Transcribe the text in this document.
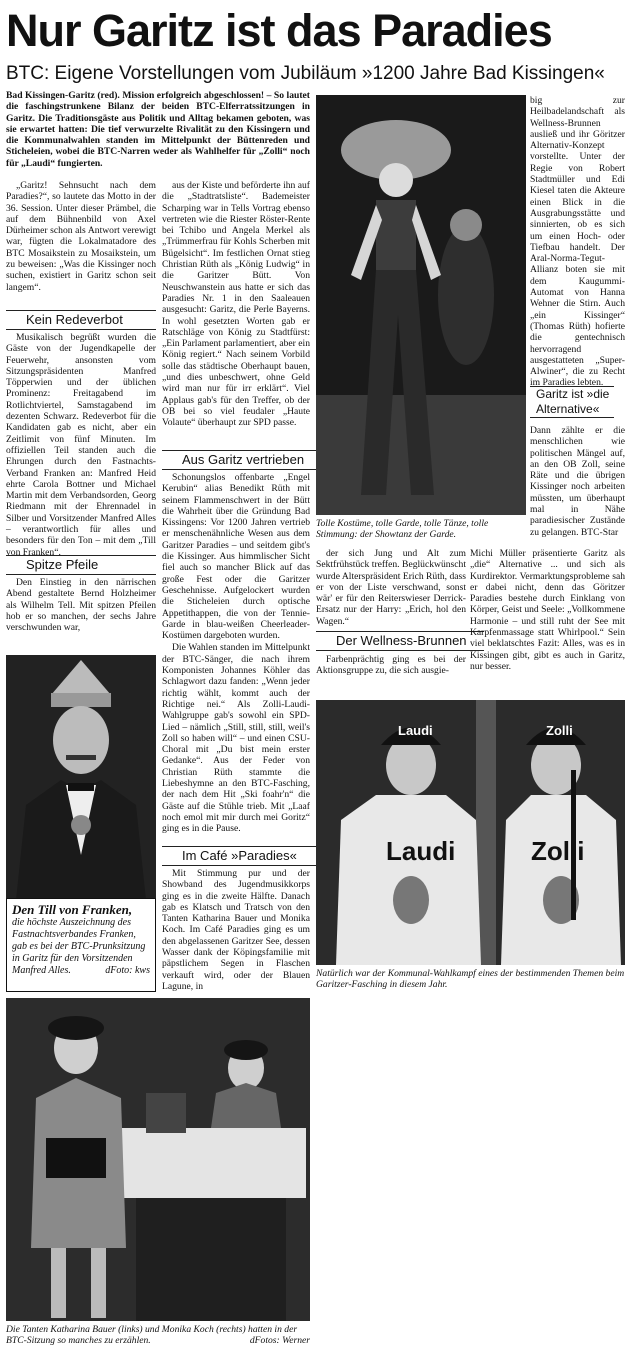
Nur Garitz ist das Paradies
BTC: Eigene Vorstellungen vom Jubiläum »1200 Jahre Bad Kissingen«
Bad Kissingen-Garitz (red). Mission erfolgreich abgeschlossen! – So lautet die faschingstrunkene Bilanz der beiden BTC-Elferratssitzungen in Garitz. Die Traditionsgäste aus Politik und Alltag bekamen geboten, was sie erwartet hatten: Die tief verwurzelte Rivalität zu den Kissingern und die Kommunalwahlen standen im Mittelpunkt der Büttenreden und Sticheleien, wobei die BTC-Narren weder als Wahlhelfer für „Zolli“ noch für „Laudi“ fungierten.

„Garitz! Sehnsucht nach dem Paradies?“, so lautete das Motto in der 36. Session. Unter dieser Prämbel, die auf dem Bühnenbild von Axel Dürheimer schon als Antwort verewigt war, fügten die Lokalmatadore des BTC Mosaikstein zu Mosaikstein, um zu beweisen: „Was die Kissinger noch suchen, existiert in Garitz schon seit langem“.

Kein Redeverbot

Musikalisch begrüßt wurden die Gäste von der Jugendkapelle der Feuerwehr, ansonsten vom Sitzungspräsidenten Manfred Töpperwien und der üblichen Prominenz: Freitagabend im Rotlichtviertel, Samstagabend im dezenten Schwarz. Redeverbot für die Kandidaten gab es nicht, aber ein Zeitlimit von fünf Minuten. Im offiziellen Teil standen auch die Ehrungen durch den Fastnachts-Verband Franken an: Manfred Heid ehrte Carola Bottner und Michael Martin mit dem Verbandsorden, Georg Riedmann mit der Ehrennadel in Silber und Vorsitzender Manfred Alles – verantwortlich für alles und besonders für den Ton – mit dem „Till von Franken“.

Spitze Pfeile

Den Einstieg in den närrischen Abend gestaltete Bernd Holzheimer als Wilhelm Tell. Mit spitzen Pfeilen hob er so manchen, der sechs Jahre verschwunden war,

aus der Kiste und beförderte ihn auf die „Stadtratsliste“. Bademeister Scharping war in Tells Vortrag ebenso vertreten wie die Riester Röster-Rente bei Tchibo und Angela Merkel als „Trümmerfrau für Kohls Scherben mit Bügelsicht“. Im festlichen Ornat stieg Christian Rüth als „König Ludwig“ in die Garitzer Bütt. Von Neuschwanstein aus hatte er sich das Paradies Nr. 1 in den Saaleauen ausgesucht: Garitz, die Perle Bayerns. In wohl gesetzten Worten gab er Ratschläge von König zu Stadtfürst: „Ein Parlament parlamentiert, aber ein König regiert.“ Nach seinem Vorbild solle das städtische Oberhaupt bauen, „und dies unbeschwert, ohne Geld wird man nur für irr erklärt“. Viel Applaus gab's für den Treffer, ob der OB bei so viel feudaler „Haute Volaute“ überhaupt zur SPD passe.

Aus Garitz vertrieben

Schonungslos offenbarte „Engel Kerubin“ alias Benedikt Rüth mit seinem Flammenschwert in der Bütt die Wahrheit über die Gründung Bad Kissingens: Vor 1200 Jahren vertrieb er menschenähnliche Wesen aus dem Garitzer Paradies – und seitdem gibt's die Kissinger. Aus himmlischer Sicht fiel auch so mancher Blick auf das große Fest oder die Garitzer Geschehnisse. Aufgelockert wurden die Sticheleien durch optische Appetithappen, die von der Tennie-Garde in blau-weißen Cheerleader-Kostümen dargeboten wurden.

Die Wahlen standen im Mittelpunkt der BTC-Sänger, die nach ihrem Komponisten Johannes Köhler das Schlagwort dazu fanden: „Wenn jeder richtig wählt, kommt auch der Richtige nei.“ Als Zolli-Laudi-Wahlgruppe gab's sowohl ein SPD-Lied – nämlich „Still, still, still, weil's Zoll so haben will“ – und einen CSU-Choral mit „Du bist mein erster Gedanke“. Aus der Feder von Christian Rüth stammte die Liebeshymne an den BTC-Fasching, der nach dem Hit „Ski foahr'n“ die Gäste auf die Stühle trieb. Mit „Laaf noch emol mit mir durch mei Goritz“ ging es in die Pause.

Im Café »Paradies«

Mit Stimmung pur und der Showband des Jugendmusikkorps ging es in die zweite Hälfte. Danach gab es Klatsch und Tratsch von den Tanten Katharina Bauer und Monika Koch. Im Café Paradies ging es um den abgelassenen Garitzer See, dessen Wasser dank der Köpingsfamilie mit päpstlichem Segen in Flaschen verkauft wird, oder der Blauen Lagune, in

Tolle Kostüme, tolle Garde, tolle Tänze, tolle Stimmung: der Showtanz der Garde.

der sich Jung und Alt zum Sektfrühstück treffen. Beglückwünscht wurde Alterspräsident Erich Rüth, dass er von der Liste verschwand, sonst wär' er für den Reiterswieser Derrick-Ersatz nur der Harry: „Erich, hol den Wagen.“

Der Wellness-Brunnen

Farbenprächtig ging es bei der Aktionsgruppe zu, die sich ausgie-

Michi Müller präsentierte Garitz als „die“ Alternative ... und sich als Kurdirektor. Vermarktungsprobleme sah er dabei nicht, denn das Göritzer Paradies bestehe durch Einklang von Körper, Geist und Seele: „Vollkommene Harmonie – und still ruht der See mit Karpfenmassage statt Whirlpool.“ Sein viel beklatschtes Fazit: Alles, was es in Kissingen gibt, gibt es auch in Garitz, nur besser.

big zur Heilbadelandschaft als Wellness-Brunnen ausließ und ihr Göritzer Alternativ-Konzept vorstellte. Unter der Regie von Robert Stadtmüller und Edi Kiesel taten die Akteure einen Blick in die Ausgrabungsstätte und sinnierten, ob es sich um einen Hoch- oder Tiefbau handelt. Der Aral-Norma-Tegut-Allianz boten sie mit dem Kaugummi-Automat von Hanna Wehner die Stirn. Auch „ein Kissinger“ (Thomas Rüth) hofierte die gentechnisch hervorragend ausgestatteten „Super-Alwiner“, die zu Recht im Paradies lebten.

Garitz ist »die Alternative«

Dann zählte er die menschlichen wie politischen Mängel auf, an den OB Zoll, seine Räte und die übrigen Kissinger noch arbeiten müssten, um überhaupt mal in Nähe paradiesischer Zustände zu gelangen. BTC-Star

Den Till von Franken,
die höchste Auszeichnung des Fastnachtsverbandes Franken, gab es bei der BTC-Prunksitzung in Garitz für den Vorsitzenden Manfred Alles.	dFoto: kws
Laudi	Zolli
Laudi	Zolli
Natürlich war der Kommunal-Wahlkampf eines der bestimmenden Themen beim Garitzer-Fasching in diesem Jahr.
Die Tanten Katharina Bauer (links) und Monika Koch (rechts) hatten in der BTC-Sitzung so manches zu erzählen.	dFotos: Werner
